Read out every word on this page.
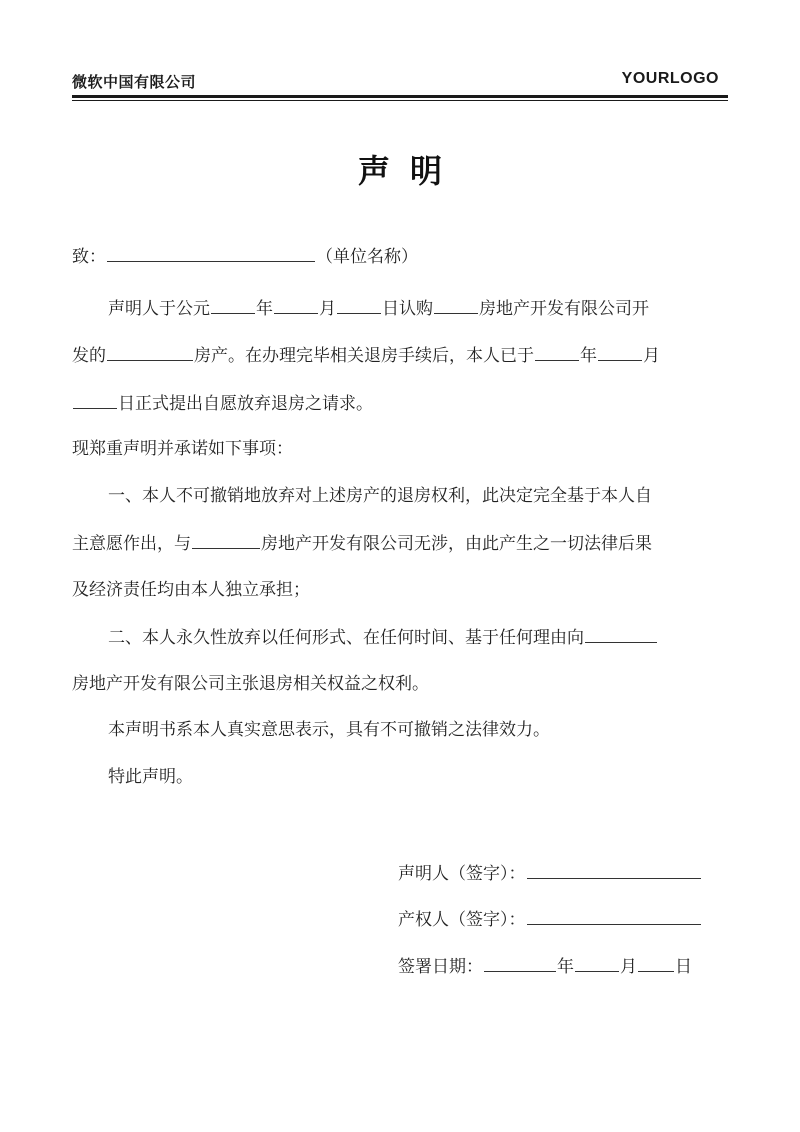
微软中国有限公司	YOURLOGO
声明
致：	（单位名称）
声明人于公元	年	月	日认购	房地产开发有限公司开
发的	房产。在办理完毕相关退房手续后，本人已于	年	月
日正式提出自愿放弃退房之请求。
现郑重声明并承诺如下事项：
一、本人不可撤销地放弃对上述房产的退房权利，此决定完全基于本人自
主意愿作出，与	房地产开发有限公司无涉，由此产生之一切法律后果
及经济责任均由本人独立承担；
二、本人永久性放弃以任何形式、在任何时间、基于任何理由向
房地产开发有限公司主张退房相关权益之权利。
本声明书系本人真实意思表示，具有不可撤销之法律效力。
特此声明。
声明人（签字）：
产权人（签字）：
签署日期：	年	月 日
